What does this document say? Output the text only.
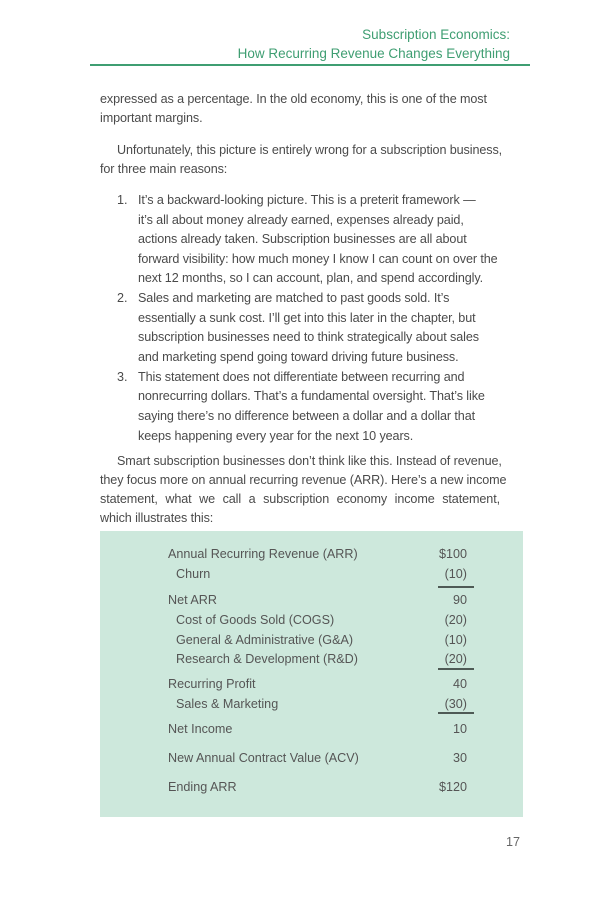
Subscription Economics:
How Recurring Revenue Changes Everything
expressed as a percentage. In the old economy, this is one of the most
important margins.
Unfortunately, this picture is entirely wrong for a subscription business,
for three main reasons:
1. It’s a backward-looking picture. This is a preterit framework —
it’s all about money already earned, expenses already paid,
actions already taken. Subscription businesses are all about
forward visibility: how much money I know I can count on over the
next 12 months, so I can account, plan, and spend accordingly.
2. Sales and marketing are matched to past goods sold. It’s
essentially a sunk cost. I’ll get into this later in the chapter, but
subscription businesses need to think strategically about sales
and marketing spend going toward driving future business.
3. This statement does not differentiate between recurring and
nonrecurring dollars. That’s a fundamental oversight. That’s like
saying there’s no difference between a dollar and a dollar that
keeps happening every year for the next 10 years.
Smart subscription businesses don’t think like this. Instead of revenue,
they focus more on annual recurring revenue (ARR). Here’s a new income
statement, what we call a subscription economy income statement,
which illustrates this:
Annual Recurring Revenue (ARR)	$100
Churn	(10)
Net ARR	90
Cost of Goods Sold (COGS)	(20)
General & Administrative (G&A)	(10)
Research & Development (R&D)	(20)
Recurring Profit	40
Sales & Marketing	(30)
Net Income	10
New Annual Contract Value (ACV)	30
Ending ARR	$120
17
